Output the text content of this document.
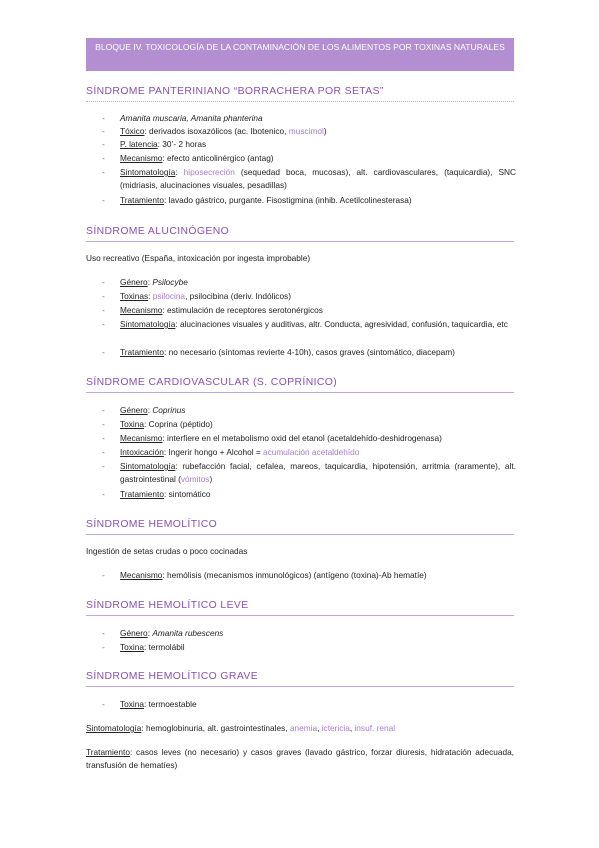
BLOQUE IV. TOXICOLOGÍA DE LA CONTAMINACIÓN DE LOS ALIMENTOS POR TOXINAS NATURALES
SÍNDROME PANTERINIANO “BORRACHERA POR SETAS”
-	Amanita muscaria, Amanita phanterina
-	Tóxico: derivados isoxazólicos (ac. Ibotenico, muscimol)
-	P. latencia: 30’- 2 horas
-	Mecanismo: efecto anticolinérgico (antag)
-	Sintomatología: hiposecreción (sequedad boca, mucosas), alt. cardiovasculares, (taquicardia), SNC (midriasis, alucinaciones visuales, pesadillas)
-	Tratamiento: lavado gástrico, purgante. Fisostigmina (inhib. Acetilcolinesterasa)
SÍNDROME ALUCINÓGENO
Uso recreativo (España, intoxicación por ingesta improbable)
-	Género: Psilocybe
-	Toxinas: psilocina, psilocibina (deriv. Indólicos)
-	Mecanismo: estimulación de receptores serotonérgicos
-	Sintomatología: alucinaciones visuales y auditivas, altr. Conducta, agresividad, confusión, taquicardia, etc
-	Tratamiento: no necesario (síntomas revierte 4-10h), casos graves (sintomático, diacepam)
SÍNDROME CARDIOVASCULAR (S. COPRÍNICO)
-	Género: Coprinus
-	Toxina: Coprina (péptido)
-	Mecanismo: interfiere en el metabolismo oxid del etanol (acetaldehído-deshidrogenasa)
-	Intoxicación: Ingerir hongo + Alcohol = acumulación acetaldehído
-	Sintomatología: rubefacción facial, cefalea, mareos, taquicardia, hipotensión, arritmia (raramente), alt. gastrointestinal (vómitos)
-	Tratamiento: sintomático
SÍNDROME HEMOLÍTICO
Ingestión de setas crudas o poco cocinadas
-	Mecanismo: hemólisis (mecanismos inmunológicos) (antígeno (toxina)-Ab hematíe)
SÍNDROME HEMOLÍTICO LEVE
-	Género: Amanita rubescens
-	Toxina: termolábil
SÍNDROME HEMOLÍTICO GRAVE
-	Toxina: termoestable
Sintomatología: hemoglobinuria, alt. gastrointestinales, anemia, ictericia, insuf. renal
Tratamiento: casos leves (no necesario) y casos graves (lavado gástrico, forzar diuresis, hidratación adecuada, transfusión de hematíes)
